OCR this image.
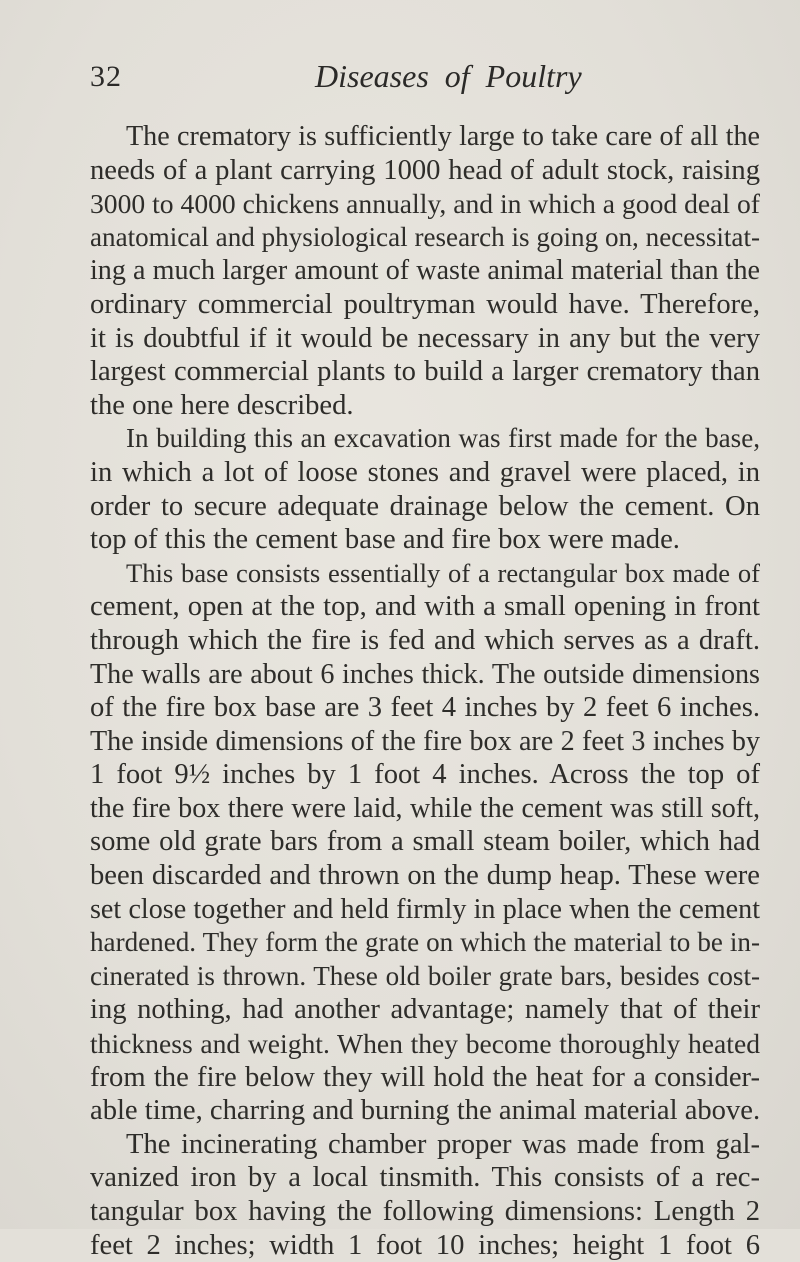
32	Diseases of Poultry
The crematory is sufficiently large to take care of all the
needs of a plant carrying 1000 head of adult stock, raising
3000 to 4000 chickens annually, and in which a good deal of
anatomical and physiological research is going on, necessitat-
ing a much larger amount of waste animal material than the
ordinary commercial poultryman would have. Therefore,
it is doubtful if it would be necessary in any but the very
largest commercial plants to build a larger crematory than
the one here described.
In building this an excavation was first made for the base,
in which a lot of loose stones and gravel were placed, in
order to secure adequate drainage below the cement. On
top of this the cement base and fire box were made.
This base consists essentially of a rectangular box made of
cement, open at the top, and with a small opening in front
through which the fire is fed and which serves as a draft.
The walls are about 6 inches thick. The outside dimensions
of the fire box base are 3 feet 4 inches by 2 feet 6 inches.
The inside dimensions of the fire box are 2 feet 3 inches by
1 foot 9½ inches by 1 foot 4 inches. Across the top of
the fire box there were laid, while the cement was still soft,
some old grate bars from a small steam boiler, which had
been discarded and thrown on the dump heap. These were
set close together and held firmly in place when the cement
hardened. They form the grate on which the material to be in-
cinerated is thrown. These old boiler grate bars, besides cost-
ing nothing, had another advantage; namely that of their
thickness and weight. When they become thoroughly heated
from the fire below they will hold the heat for a consider-
able time, charring and burning the animal material above.
The incinerating chamber proper was made from gal-
vanized iron by a local tinsmith. This consists of a rec-
tangular box having the following dimensions: Length 2
feet 2 inches; width 1 foot 10 inches; height 1 foot 6
